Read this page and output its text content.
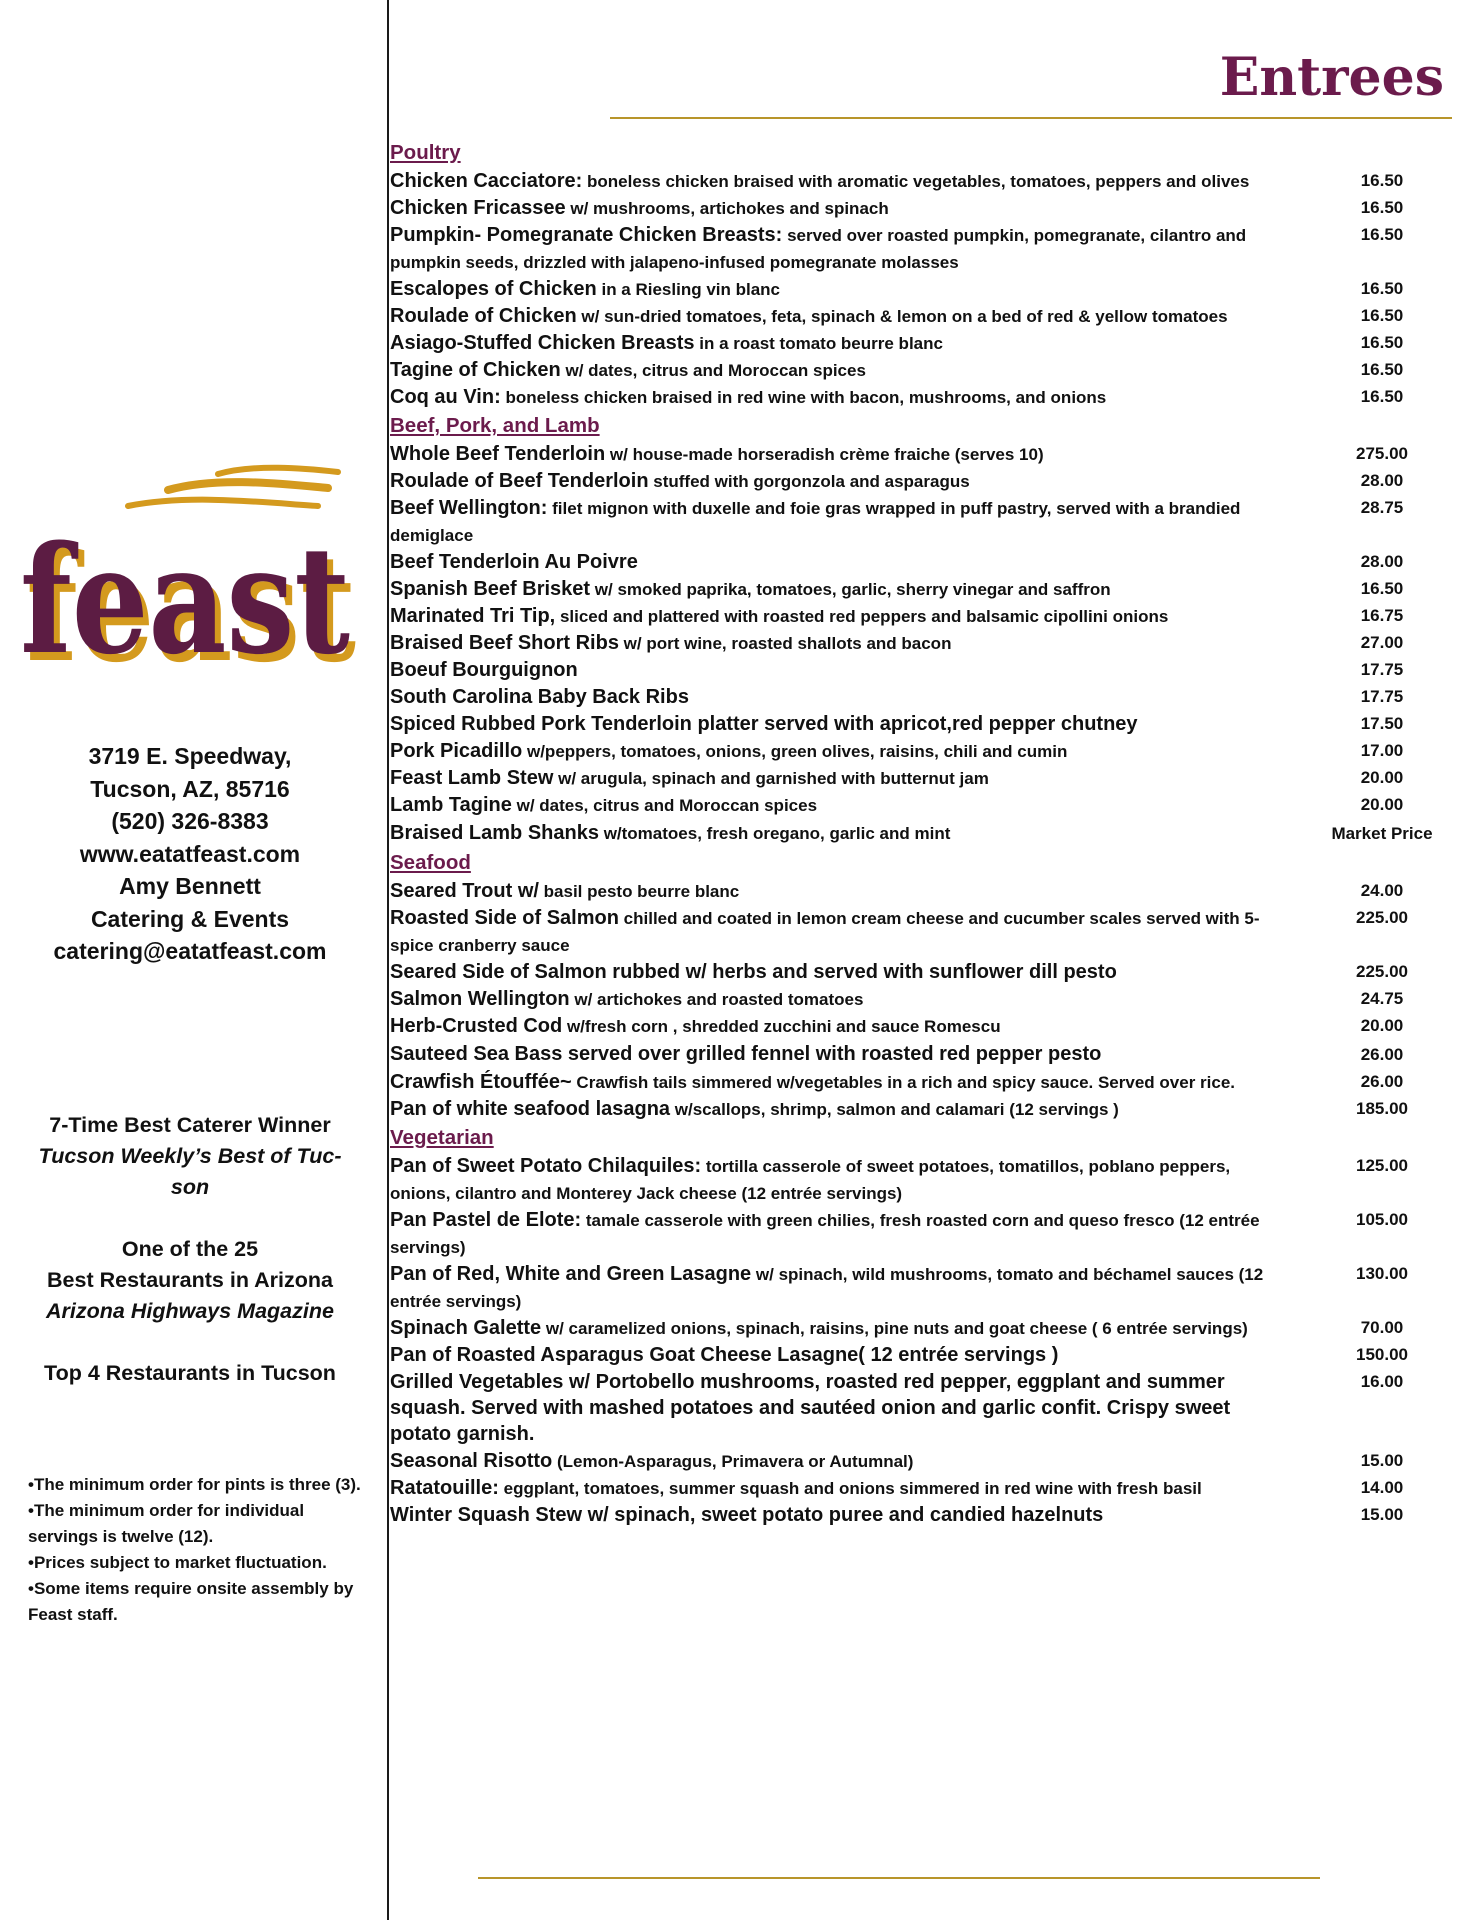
Entrees
feast
feast
3719 E. Speedway,
Tucson, AZ, 85716
(520) 326-8383
www.eatatfeast.com
Amy Bennett
Catering & Events
catering@eatatfeast.com
7-Time Best Caterer Winner
Tucson Weekly’s Best of Tuc-
son
One of the 25
Best Restaurants in Arizona
Arizona Highways Magazine
Top 4 Restaurants in Tucson
•The minimum order for pints is three (3).
•The minimum order for individual servings is twelve (12).
•Prices subject to market fluctuation.
•Some items require onsite assembly by Feast staff.
Poultry
Chicken Cacciatore: boneless chicken braised with aromatic vegetables, tomatoes, peppers and olives	16.50
Chicken Fricassee w/ mushrooms, artichokes and spinach	16.50
Pumpkin- Pomegranate Chicken Breasts: served over roasted pumpkin, pomegranate, cilantro and pumpkin seeds, drizzled with jalapeno-infused pomegranate molasses
16.50
Escalopes of Chicken in a Riesling vin blanc	16.50
Roulade of Chicken w/ sun-dried tomatoes, feta, spinach & lemon on a bed of red & yellow tomatoes	16.50
Asiago-Stuffed Chicken Breasts in a roast tomato beurre blanc	16.50
Tagine of Chicken w/ dates, citrus and Moroccan spices	16.50
Coq au Vin: boneless chicken braised in red wine with bacon, mushrooms, and onions	16.50
Beef, Pork, and Lamb
Whole Beef Tenderloin w/ house-made horseradish crème fraiche (serves 10)	275.00
Roulade of Beef Tenderloin stuffed with gorgonzola and asparagus	28.00
Beef Wellington: filet mignon with duxelle and foie gras wrapped in puff pastry, served with a brandied demiglace
28.75
Beef Tenderloin Au Poivre	28.00
Spanish Beef Brisket w/ smoked paprika, tomatoes, garlic, sherry vinegar and saffron	16.50
Marinated Tri Tip, sliced and plattered with roasted red peppers and balsamic cipollini onions	16.75
Braised Beef Short Ribs w/ port wine, roasted shallots and bacon	27.00
Boeuf Bourguignon	17.75
South Carolina Baby Back Ribs	17.75
Spiced Rubbed Pork Tenderloin platter served with apricot,red pepper chutney	17.50
Pork Picadillo w/peppers, tomatoes, onions, green olives, raisins, chili and cumin	17.00
Feast Lamb Stew w/ arugula, spinach and garnished with butternut jam	20.00
Lamb Tagine w/ dates, citrus and Moroccan spices	20.00
Braised Lamb Shanks w/tomatoes, fresh oregano, garlic and mint	Market Price
Seafood
Seared Trout w/ basil pesto beurre blanc	24.00
Roasted Side of Salmon chilled and coated in lemon cream cheese and cucumber scales served with 5-spice cranberry sauce
225.00
Seared Side of Salmon rubbed w/ herbs and served with sunflower dill pesto	225.00
Salmon Wellington w/ artichokes and roasted tomatoes	24.75
Herb-Crusted Cod w/fresh corn , shredded zucchini and sauce Romescu	20.00
Sauteed Sea Bass served over grilled fennel with roasted red pepper pesto	26.00
Crawfish Étouffée~ Crawfish tails simmered w/vegetables in a rich and spicy sauce. Served over rice.	26.00
Pan of white seafood lasagna w/scallops, shrimp, salmon and calamari (12 servings )	185.00
Vegetarian
Pan of Sweet Potato Chilaquiles: tortilla casserole of sweet potatoes, tomatillos, poblano peppers, onions, cilantro and Monterey Jack cheese (12 entrée servings)
125.00
Pan Pastel de Elote: tamale casserole with green chilies, fresh roasted corn and queso fresco (12 entrée servings)
105.00
Pan of Red, White and Green Lasagne w/ spinach, wild mushrooms, tomato and béchamel sauces (12 entrée servings)
130.00
Spinach Galette w/ caramelized onions, spinach, raisins, pine nuts and goat cheese ( 6 entrée servings)	70.00
Pan of Roasted Asparagus Goat Cheese Lasagne( 12 entrée servings )	150.00
Grilled Vegetables w/ Portobello mushrooms, roasted red pepper, eggplant and summer squash. Served with mashed potatoes and sautéed onion and garlic confit. Crispy sweet potato garnish.
16.00
Seasonal Risotto (Lemon-Asparagus, Primavera or Autumnal)	15.00
Ratatouille: eggplant, tomatoes, summer squash and onions simmered in red wine with fresh basil	14.00
Winter Squash Stew w/ spinach, sweet potato puree and candied hazelnuts	15.00
